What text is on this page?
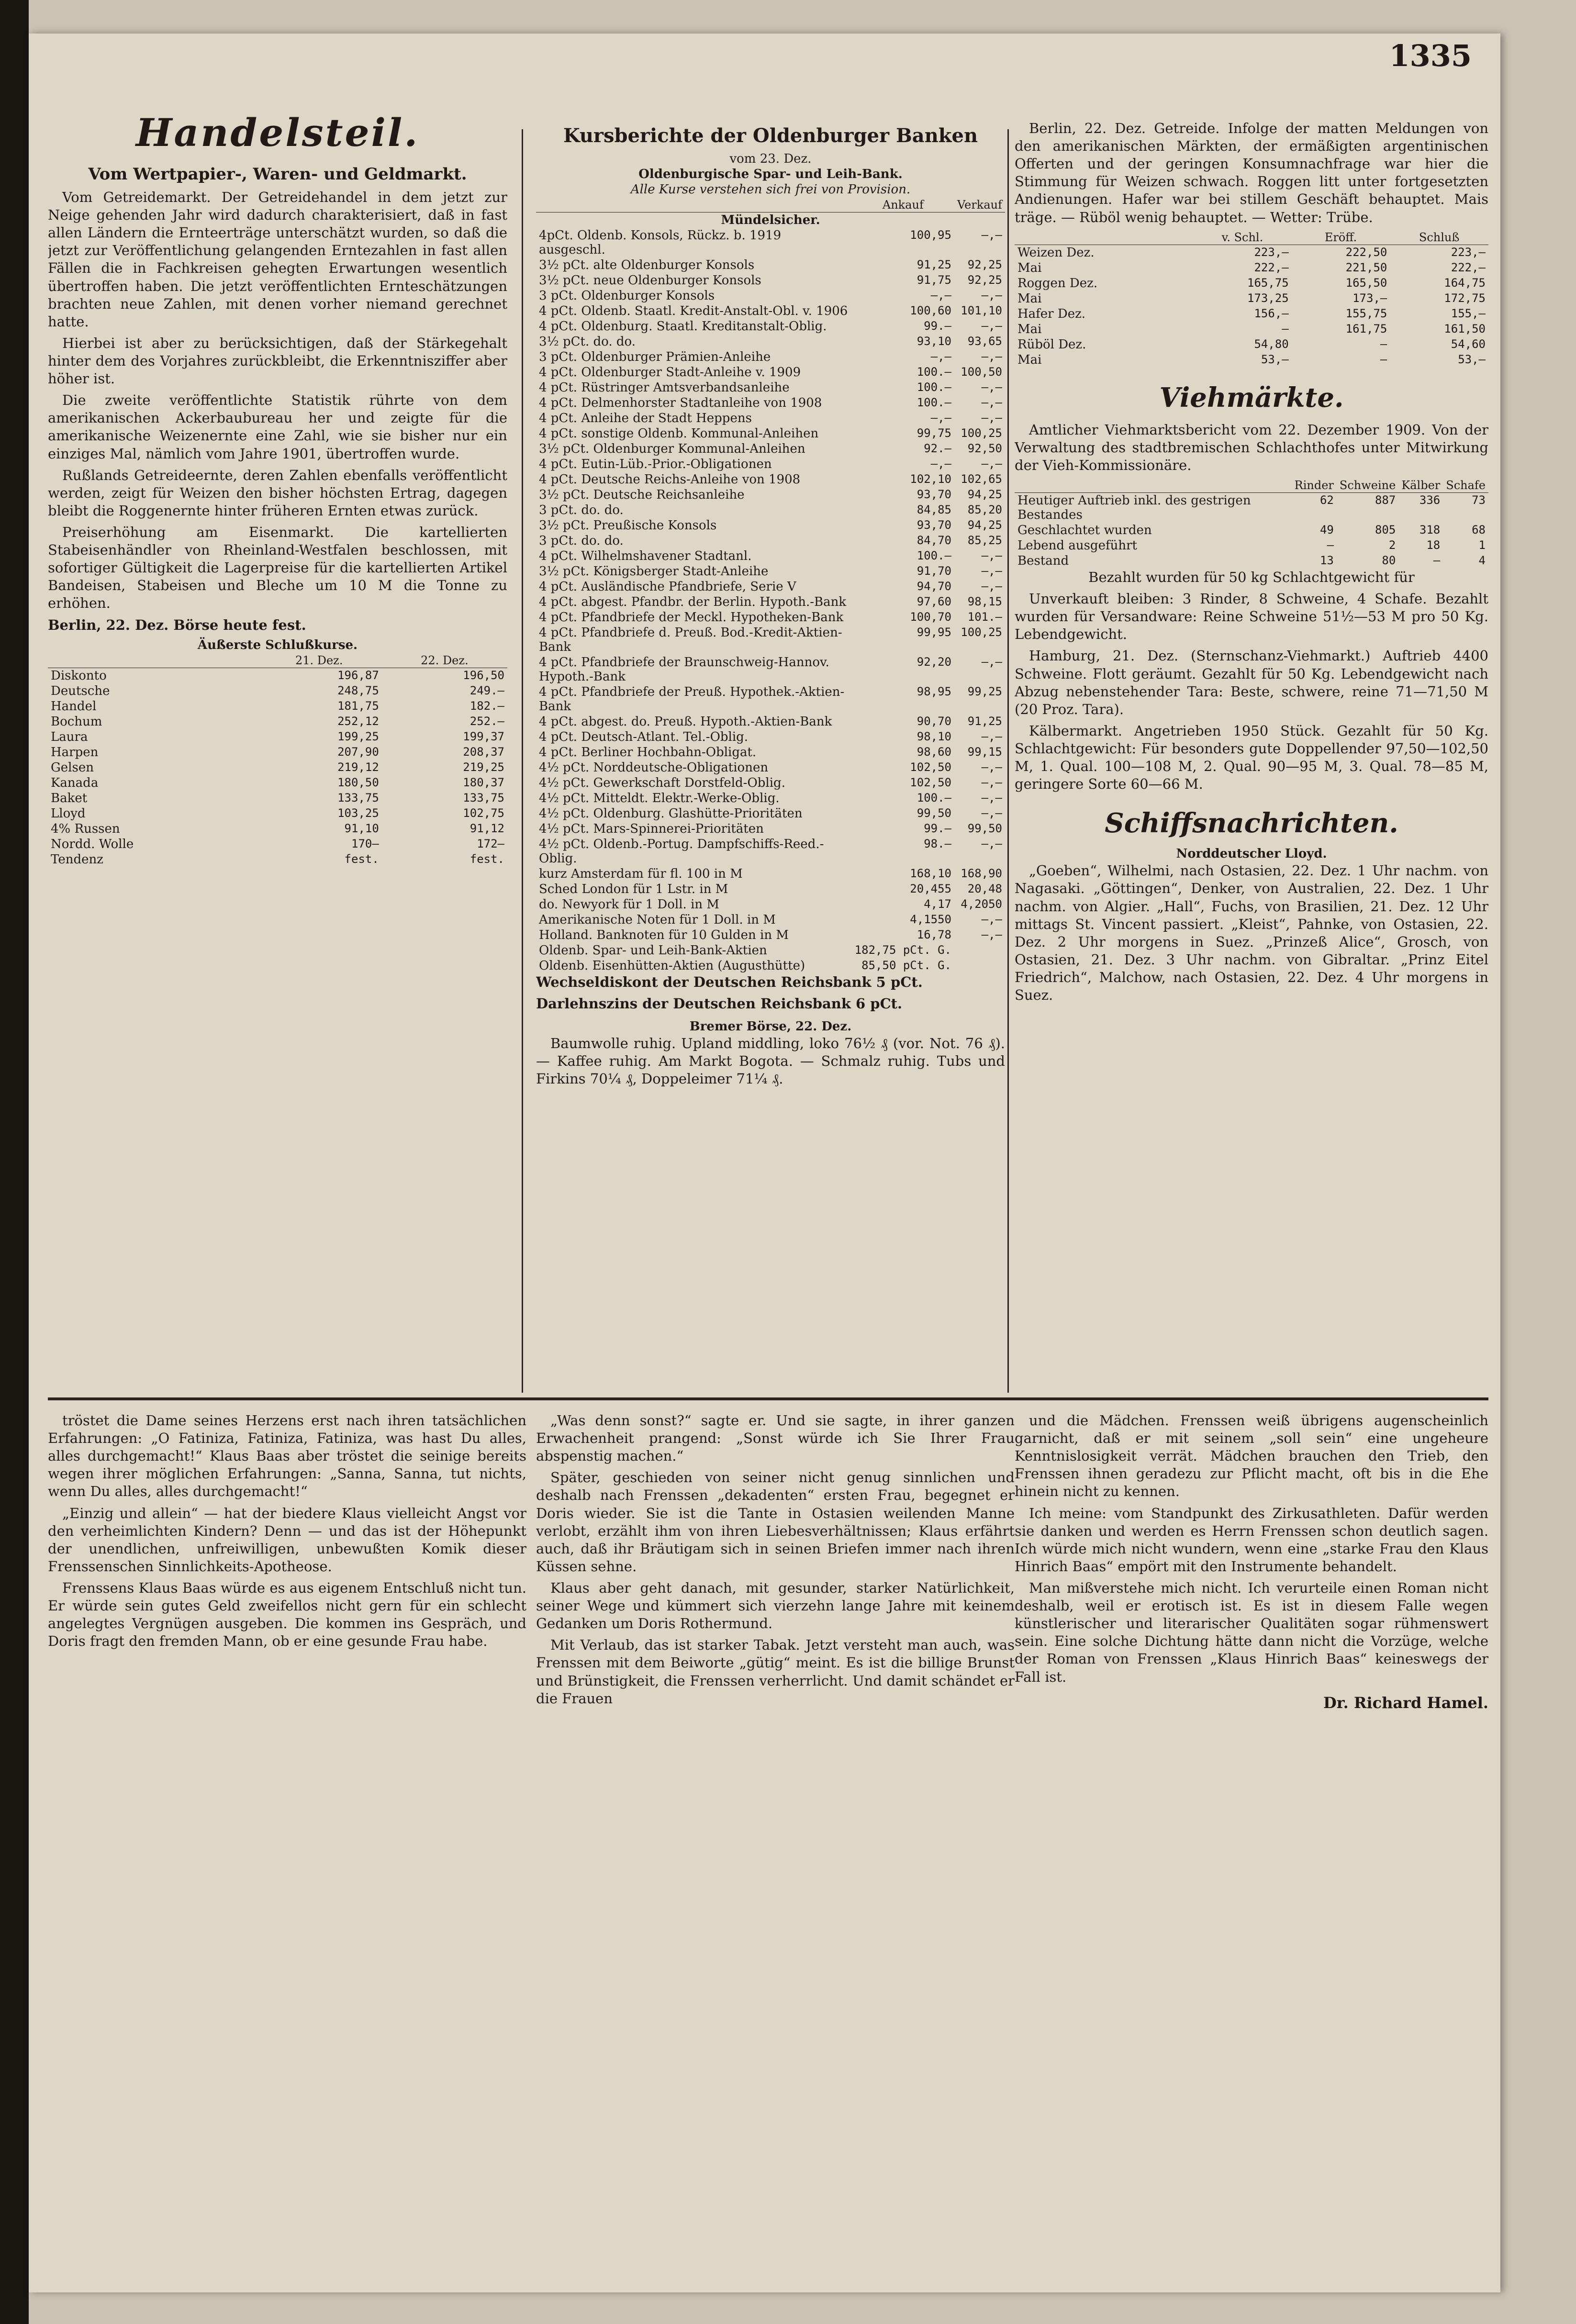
1335
Handelsteil.
Vom Wertpapier-, Waren- und Geldmarkt.

Vom Getreidemarkt. Der Getreidehandel in dem jetzt zur Neige gehenden Jahr wird dadurch charakterisiert, daß in fast allen Ländern die Ernteerträge unterschätzt wurden, so daß die jetzt zur Veröffentlichung gelangenden Erntezahlen in fast allen Fällen die in Fachkreisen gehegten Erwartungen wesentlich übertroffen haben. Die jetzt veröffentlichten Ernteschätzungen brachten neue Zahlen, mit denen vorher niemand gerechnet hatte.

Hierbei ist aber zu berücksichtigen, daß der Stärkegehalt hinter dem des Vorjahres zurückbleibt, die Erkenntnisziffer aber höher ist.

Die zweite veröffentlichte Statistik rührte von dem amerikanischen Ackerbaubureau her und zeigte für die amerikanische Weizenernte eine Zahl, wie sie bisher nur ein einziges Mal, nämlich vom Jahre 1901, übertroffen wurde.

Rußlands Getreideernte, deren Zahlen ebenfalls veröffentlicht werden, zeigt für Weizen den bisher höchsten Ertrag, dagegen bleibt die Roggenernte hinter früheren Ernten etwas zurück.

Preiserhöhung am Eisenmarkt. Die kartellierten Stabeisenhändler von Rheinland-Westfalen beschlossen, mit sofortiger Gültigkeit die Lagerpreise für die kartellierten Artikel Bandeisen, Stabeisen und Bleche um 10 M die Tonne zu erhöhen.

Berlin, 22. Dez. Börse heute fest.

Äußerste Schlußkurse.
	21. Dez.	22. Dez.
Diskonto	196,87	196,50
Deutsche	248,75	249.—
Handel	181,75	182.—
Bochum	252,12	252.—
Laura	199,25	199,37
Harpen	207,90	208,37
Gelsen	219,12	219,25
Kanada	180,50	180,37
Baket	133,75	133,75
Lloyd	103,25	102,75
4% Russen	91,10	91,12
Nordd. Wolle	170—	172—
Tendenz	fest.	fest.
Kursberichte der Oldenburger Banken
vom 23. Dez.
Oldenburgische Spar- und Leih-Bank.
Alle Kurse verstehen sich frei von Provision.
	Ankauf	Verkauf
Mündelsicher.		
4pCt. Oldenb. Konsols, Rückz. b. 1919 ausgeschl.	100,95	—,—
3½ pCt. alte Oldenburger Konsols	91,25	92,25
3½ pCt. neue Oldenburger Konsols	91,75	92,25
3 pCt. Oldenburger Konsols	—,—	—,—
4 pCt. Oldenb. Staatl. Kredit-Anstalt-Obl. v. 1906	100,60	101,10
4 pCt. Oldenburg. Staatl. Kreditanstalt-Oblig.	99.—	—,—
3½ pCt. do. do.	93,10	93,65
3 pCt. Oldenburger Prämien-Anleihe	—,—	—,—
4 pCt. Oldenburger Stadt-Anleihe v. 1909	100.—	100,50
4 pCt. Rüstringer Amtsverbandsanleihe	100.—	—,—
4 pCt. Delmenhorster Stadtanleihe von 1908	100.—	—,—
4 pCt. Anleihe der Stadt Heppens	—,—	—,—
4 pCt. sonstige Oldenb. Kommunal-Anleihen	99,75	100,25
3½ pCt. Oldenburger Kommunal-Anleihen	92.—	92,50
4 pCt. Eutin-Lüb.-Prior.-Obligationen	—,—	—,—
4 pCt. Deutsche Reichs-Anleihe von 1908	102,10	102,65
3½ pCt. Deutsche Reichsanleihe	93,70	94,25
3 pCt. do. do.	84,85	85,20
3½ pCt. Preußische Konsols	93,70	94,25
3 pCt. do. do.	84,70	85,25
4 pCt. Wilhelmshavener Stadtanl.	100.—	—,—
3½ pCt. Königsberger Stadt-Anleihe	91,70	—,—
4 pCt. Ausländische Pfandbriefe, Serie V	94,70	—,—
4 pCt. abgest. Pfandbr. der Berlin. Hypoth.-Bank	97,60	98,15
4 pCt. Pfandbriefe der Meckl. Hypotheken-Bank	100,70	101.—
4 pCt. Pfandbriefe d. Preuß. Bod.-Kredit-Aktien-Bank	99,95	100,25
4 pCt. Pfandbriefe der Braunschweig-Hannov. Hypoth.-Bank	92,20	—,—
4 pCt. Pfandbriefe der Preuß. Hypothek.-Aktien-Bank	98,95	99,25
4 pCt. abgest. do. Preuß. Hypoth.-Aktien-Bank	90,70	91,25
4 pCt. Deutsch-Atlant. Tel.-Oblig.	98,10	—,—
4 pCt. Berliner Hochbahn-Obligat.	98,60	99,15
4½ pCt. Norddeutsche-Obligationen	102,50	—,—
4½ pCt. Gewerkschaft Dorstfeld-Oblig.	102,50	—,—
4½ pCt. Mitteldt. Elektr.-Werke-Oblig.	100.—	—,—
4½ pCt. Oldenburg. Glashütte-Prioritäten	99,50	—,—
4½ pCt. Mars-Spinnerei-Prioritäten	99.—	99,50
4½ pCt. Oldenb.-Portug. Dampfschiffs-Reed.-Oblig.	98.—	—,—
kurz Amsterdam für fl. 100 in M	168,10	168,90
Sched London für 1 Lstr. in M	20,455	20,48
do. Newyork für 1 Doll. in M	4,17	4,2050
Amerikanische Noten für 1 Doll. in M	4,1550	—,—
Holland. Banknoten für 10 Gulden in M	16,78	—,—
Oldenb. Spar- und Leih-Bank-Aktien	182,75 pCt. G.	
Oldenb. Eisenhütten-Aktien (Augusthütte)	85,50 pCt. G.	

Wechseldiskont der Deutschen Reichsbank 5 pCt.

Darlehnszins der Deutschen Reichsbank 6 pCt.

Bremer Börse, 22. Dez.

Baumwolle ruhig. Upland middling, loko 76½ ₰ (vor. Not. 76 ₰). — Kaffee ruhig. Am Markt Bogota. — Schmalz ruhig. Tubs und Firkins 70¼ ₰, Doppeleimer 71¼ ₰.

Berlin, 22. Dez. Getreide. Infolge der matten Meldungen von den amerikanischen Märkten, der ermäßigten argentinischen Offerten und der geringen Konsumnachfrage war hier die Stimmung für Weizen schwach. Roggen litt unter fortgesetzten Andienungen. Hafer war bei stillem Geschäft behauptet. Mais träge. — Rüböl wenig behauptet. — Wetter: Trübe.

	v. Schl.	Eröff.	Schluß
Weizen Dez.	223,—	222,50	223,—
Mai	222,—	221,50	222,—
Roggen Dez.	165,75	165,50	164,75
Mai	173,25	173,—	172,75
Hafer Dez.	156,—	155,75	155,—
Mai	—	161,75	161,50
Rüböl Dez.	54,80	—	54,60
Mai	53,—	—	53,—
Viehmärkte.

Amtlicher Viehmarktsbericht vom 22. Dezember 1909. Von der Verwaltung des stadtbremischen Schlachthofes unter Mitwirkung der Vieh-Kommissionäre.

	Rinder	Schweine	Kälber	Schafe
Heutiger Auftrieb inkl. des gestrigen Bestandes	62	887	336	73
Geschlachtet wurden	49	805	318	68
Lebend ausgeführt	—	2	18	1
Bestand	13	80	—	4

Bezahlt wurden für 50 kg Schlachtgewicht für

Unverkauft bleiben: 3 Rinder, 8 Schweine, 4 Schafe. Bezahlt wurden für Versandware: Reine Schweine 51½—53 M pro 50 Kg. Lebendgewicht.

Hamburg, 21. Dez. (Sternschanz-Viehmarkt.) Auftrieb 4400 Schweine. Flott geräumt. Gezahlt für 50 Kg. Lebendgewicht nach Abzug nebenstehender Tara: Beste, schwere, reine 71—71,50 M (20 Proz. Tara).

Kälbermarkt. Angetrieben 1950 Stück. Gezahlt für 50 Kg. Schlachtgewicht: Für besonders gute Doppellender 97,50—102,50 M, 1. Qual. 100—108 M, 2. Qual. 90—95 M, 3. Qual. 78—85 M, geringere Sorte 60—66 M.

Schiffsnachrichten.
Norddeutscher Lloyd.

„Goeben“, Wilhelmi, nach Ostasien, 22. Dez. 1 Uhr nachm. von Nagasaki. „Göttingen“, Denker, von Australien, 22. Dez. 1 Uhr nachm. von Algier. „Hall“, Fuchs, von Brasilien, 21. Dez. 12 Uhr mittags St. Vincent passiert. „Kleist“, Pahnke, von Ostasien, 22. Dez. 2 Uhr morgens in Suez. „Prinzeß Alice“, Grosch, von Ostasien, 21. Dez. 3 Uhr nachm. von Gibraltar. „Prinz Eitel Friedrich“, Malchow, nach Ostasien, 22. Dez. 4 Uhr morgens in Suez.

tröstet die Dame seines Herzens erst nach ihren tatsächlichen Erfahrungen: „O Fatiniza, Fatiniza, Fatiniza, was hast Du alles, alles durchgemacht!“ Klaus Baas aber tröstet die seinige bereits wegen ihrer möglichen Erfahrungen: „Sanna, Sanna, tut nichts, wenn Du alles, alles durchgemacht!“

„Einzig und allein“ — hat der biedere Klaus vielleicht Angst vor den verheimlichten Kindern? Denn — und das ist der Höhepunkt der unendlichen, unfreiwilligen, unbewußten Komik dieser Frenssenschen Sinnlichkeits-Apotheose.

Frenssens Klaus Baas würde es aus eigenem Entschluß nicht tun. Er würde sein gutes Geld zweifellos nicht gern für ein schlecht angelegtes Vergnügen ausgeben. Die kommen ins Gespräch, und Doris fragt den fremden Mann, ob er eine gesunde Frau habe.

„Was denn sonst?“ sagte er. Und sie sagte, in ihrer ganzen Erwachenheit prangend: „Sonst würde ich Sie Ihrer Frau abspenstig machen.“

Später, geschieden von seiner nicht genug sinnlichen und deshalb nach Frenssen „dekadenten“ ersten Frau, begegnet er Doris wieder. Sie ist die Tante in Ostasien weilenden Manne verlobt, erzählt ihm von ihren Liebesverhältnissen; Klaus erfährt auch, daß ihr Bräutigam sich in seinen Briefen immer nach ihren Küssen sehne.

Klaus aber geht danach, mit gesunder, starker Natürlichkeit, seiner Wege und kümmert sich vierzehn lange Jahre mit keinem Gedanken um Doris Rothermund.

Mit Verlaub, das ist starker Tabak. Jetzt versteht man auch, was Frenssen mit dem Beiworte „gütig“ meint. Es ist die billige Brunst und Brünstigkeit, die Frenssen verherrlicht. Und damit schändet er die Frauen

und die Mädchen. Frenssen weiß übrigens augenscheinlich garnicht, daß er mit seinem „soll sein“ eine ungeheure Kenntnislosigkeit verrät. Mädchen brauchen den Trieb, den Frenssen ihnen geradezu zur Pflicht macht, oft bis in die Ehe hinein nicht zu kennen.

Ich meine: vom Standpunkt des Zirkusathleten. Dafür werden sie danken und werden es Herrn Frenssen schon deutlich sagen. Ich würde mich nicht wundern, wenn eine „starke Frau den Klaus Hinrich Baas“ empört mit den Instrumente behandelt.

Man mißverstehe mich nicht. Ich verurteile einen Roman nicht deshalb, weil er erotisch ist. Es ist in diesem Falle wegen künstlerischer und literarischer Qualitäten sogar rühmenswert sein. Eine solche Dichtung hätte dann nicht die Vorzüge, welche der Roman von Frenssen „Klaus Hinrich Baas“ keineswegs der Fall ist.

Dr. Richard Hamel.
